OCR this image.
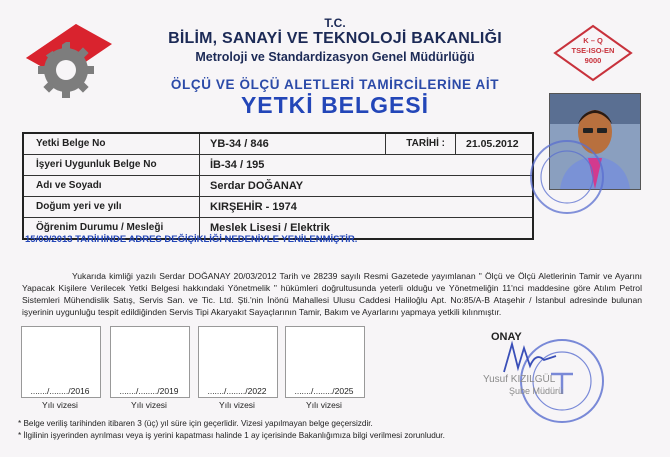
T.C.
BİLİM, SANAYİ VE TEKNOLOJİ BAKANLIĞI
Metroloji ve Standardizasyon Genel Müdürlüğü
ÖLÇÜ VE ÖLÇÜ ALETLERİ TAMİRCİLERİNE AİT
YETKİ BELGESİ
K – Q
TSE-ISO-EN
9000
Yetki Belge No	YB-34 / 846	TARİHİ :	21.05.2012
İşyeri Uygunluk Belge No	İB-34 / 195
Adı ve Soyadı	Serdar DOĞANAY
Doğum yeri ve yılı	KIRŞEHİR - 1974
Öğrenim Durumu / Mesleği	Meslek Lisesi / Elektrik
15/03/2013 TARİHİNDE ADRES DEĞİŞİKLİĞİ NEDENİYLE YENİLENMİŞTİR.
Yukarıda kimliği yazılı Serdar DOĞANAY 20/03/2012 Tarih ve 28239 sayılı Resmi Gazetede yayımlanan " Ölçü ve Ölçü Aletlerinin Tamir ve Ayarını Yapacak Kişilere Verilecek Yetki Belgesi hakkındaki Yönetmelik " hükümleri doğrultusunda yeterli olduğu ve Yönetmeliğin 11'nci maddesine göre Atılım Petrol Sistemleri Mühendislik Satış, Servis San. ve Tic. Ltd. Şti.'nin İnönü Mahallesi Ulusu Caddesi Haliloğlu Apt. No:85/A-B Ataşehir / İstanbul adresinde bulunan işyerinin uygunluğu tespit edildiğinden Servis Tipi Akaryakıt Sayaçlarının Tamir, Bakım ve Ayarlarını yapmaya yetkili kılınmıştır.
......./......../2016	......./......../2019	......./......../2022	......./......../2025
Yılı vizesi	Yılı vizesi	Yılı vizesi	Yılı vizesi
ONAY
Yusuf KIZILGÜL
Şube Müdürü
* Belge veriliş tarihinden itibaren 3 (üç) yıl süre için geçerlidir. Vizesi yapılmayan belge geçersizdir.
* İlgilinin işyerinden ayrılması veya iş yerini kapatması halinde 1 ay içerisinde Bakanlığımıza bilgi verilmesi zorunludur.
